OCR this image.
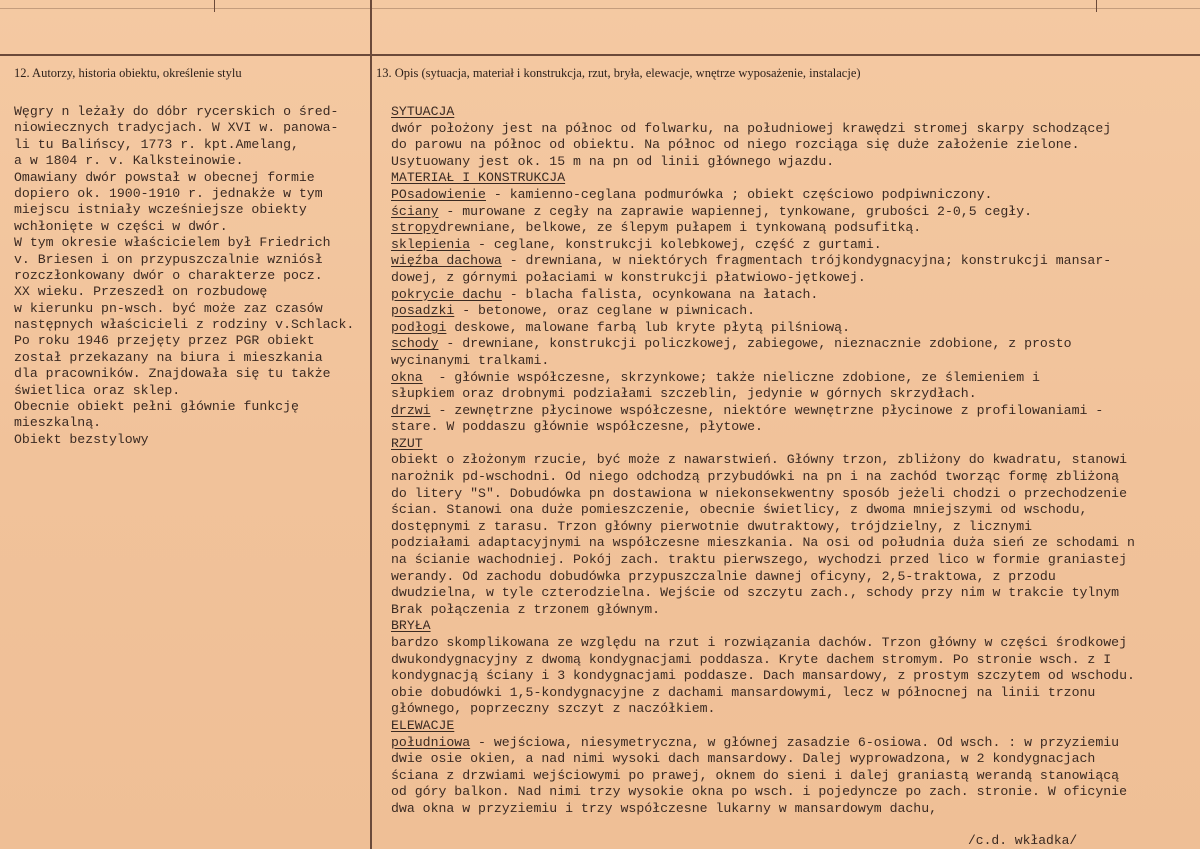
12. Autorzy, historia obiektu, określenie stylu	13. Opis (sytuacja, materiał i konstrukcja, rzut, bryła, elewacje, wnętrze wyposażenie, instalacje)
Węgry n leżały do dóbr rycerskich o śred-
niowiecznych tradycjach. W XVI w. panowa-
li tu Balińscy, 1773 r. kpt.Amelang,
a w 1804 r. v. Kalksteinowie.
Omawiany dwór powstał w obecnej formie
dopiero ok. 1900-1910 r. jednakże w tym
miejscu istniały wcześniejsze obiekty
wchłonięte w części w dwór.
W tym okresie właścicielem był Friedrich
v. Briesen i on przypuszczalnie wzniósł
rozczłonkowany dwór o charakterze pocz.
XX wieku. Przeszedł on rozbudowę
w kierunku pn-wsch. być może zaz czasów
następnych właścicieli z rodziny v.Schlack.
Po roku 1946 przejęty przez PGR obiekt
został przekazany na biura i mieszkania
dla pracowników. Znajdowała się tu także
świetlica oraz sklep.
Obecnie obiekt pełni głównie funkcję
mieszkalną.
Obiekt bezstylowy
SYTUACJA
dwór położony jest na północ od folwarku, na południowej krawędzi stromej skarpy schodzącej
do parowu na północ od obiektu. Na północ od niego rozciąga się duże założenie zielone.
Usytuowany jest ok. 15 m na pn od linii głównego wjazdu.
MATERIAŁ I KONSTRUKCJA
POsadowienie - kamienno-ceglana podmurówka ; obiekt częściowo podpiwniczony.
ściany - murowane z cegły na zaprawie wapiennej, tynkowane, grubości 2-0,5 cegły.
stropydrewniane, belkowe, ze ślepym pułapem i tynkowaną podsufitką.
sklepienia - ceglane, konstrukcji kolebkowej, część z gurtami.
więźba dachowa - drewniana, w niektórych fragmentach trójkondygnacyjna; konstrukcji mansar-
dowej, z górnymi połaciami w konstrukcji płatwiowo-jętkowej.
pokrycie dachu - blacha falista, ocynkowana na łatach.
posadzki - betonowe, oraz ceglane w piwnicach.
podłogi deskowe, malowane farbą lub kryte płytą pilśniową.
schody - drewniane, konstrukcji policzkowej, zabiegowe, nieznacznie zdobione, z prosto
wycinanymi tralkami.
okna  - głównie współczesne, skrzynkowe; także nieliczne zdobione, ze ślemieniem i
słupkiem oraz drobnymi podziałami szczeblin, jedynie w górnych skrzydłach.
drzwi - zewnętrzne płycinowe współczesne, niektóre wewnętrzne płycinowe z profilowaniami -
stare. W poddaszu głównie współczesne, płytowe.
RZUT
obiekt o złożonym rzucie, być może z nawarstwień. Główny trzon, zbliżony do kwadratu, stanowi
narożnik pd-wschodni. Od niego odchodzą przybudówki na pn i na zachód tworząc formę zbliżoną
do litery "S". Dobudówka pn dostawiona w niekonsekwentny sposób jeżeli chodzi o przechodzenie
ścian. Stanowi ona duże pomieszczenie, obecnie świetlicy, z dwoma mniejszymi od wschodu,
dostępnymi z tarasu. Trzon główny pierwotnie dwutraktowy, trójdzielny, z licznymi
podziałami adaptacyjnymi na współczesne mieszkania. Na osi od południa duża sień ze schodami n
na ścianie wachodniej. Pokój zach. traktu pierwszego, wychodzi przed lico w formie graniastej
werandy. Od zachodu dobudówka przypuszczalnie dawnej oficyny, 2,5-traktowa, z przodu
dwudzielna, w tyle czterodzielna. Wejście od szczytu zach., schody przy nim w trakcie tylnym
Brak połączenia z trzonem głównym.
BRYŁA
bardzo skomplikowana ze względu na rzut i rozwiązania dachów. Trzon główny w części środkowej
dwukondygnacyjny z dwomą kondygnacjami poddasza. Kryte dachem stromym. Po stronie wsch. z I
kondygnacją ściany i 3 kondygnacjami poddasze. Dach mansardowy, z prostym szczytem od wschodu.
obie dobudówki 1,5-kondygnacyjne z dachami mansardowymi, lecz w północnej na linii trzonu
głównego, poprzeczny szczyt z naczółkiem.
ELEWACJE
południowa - wejściowa, niesymetryczna, w głównej zasadzie 6-osiowa. Od wsch. : w przyziemiu
dwie osie okien, a nad nimi wysoki dach mansardowy. Dalej wyprowadzona, w 2 kondygnacjach
ściana z drzwiami wejściowymi po prawej, oknem do sieni i dalej graniastą werandą stanowiącą
od góry balkon. Nad nimi trzy wysokie okna po wsch. i pojedyncze po zach. stronie. W oficynie
dwa okna w przyziemiu i trzy współczesne lukarny w mansardowym dachu,
/c.d. wkładka/
